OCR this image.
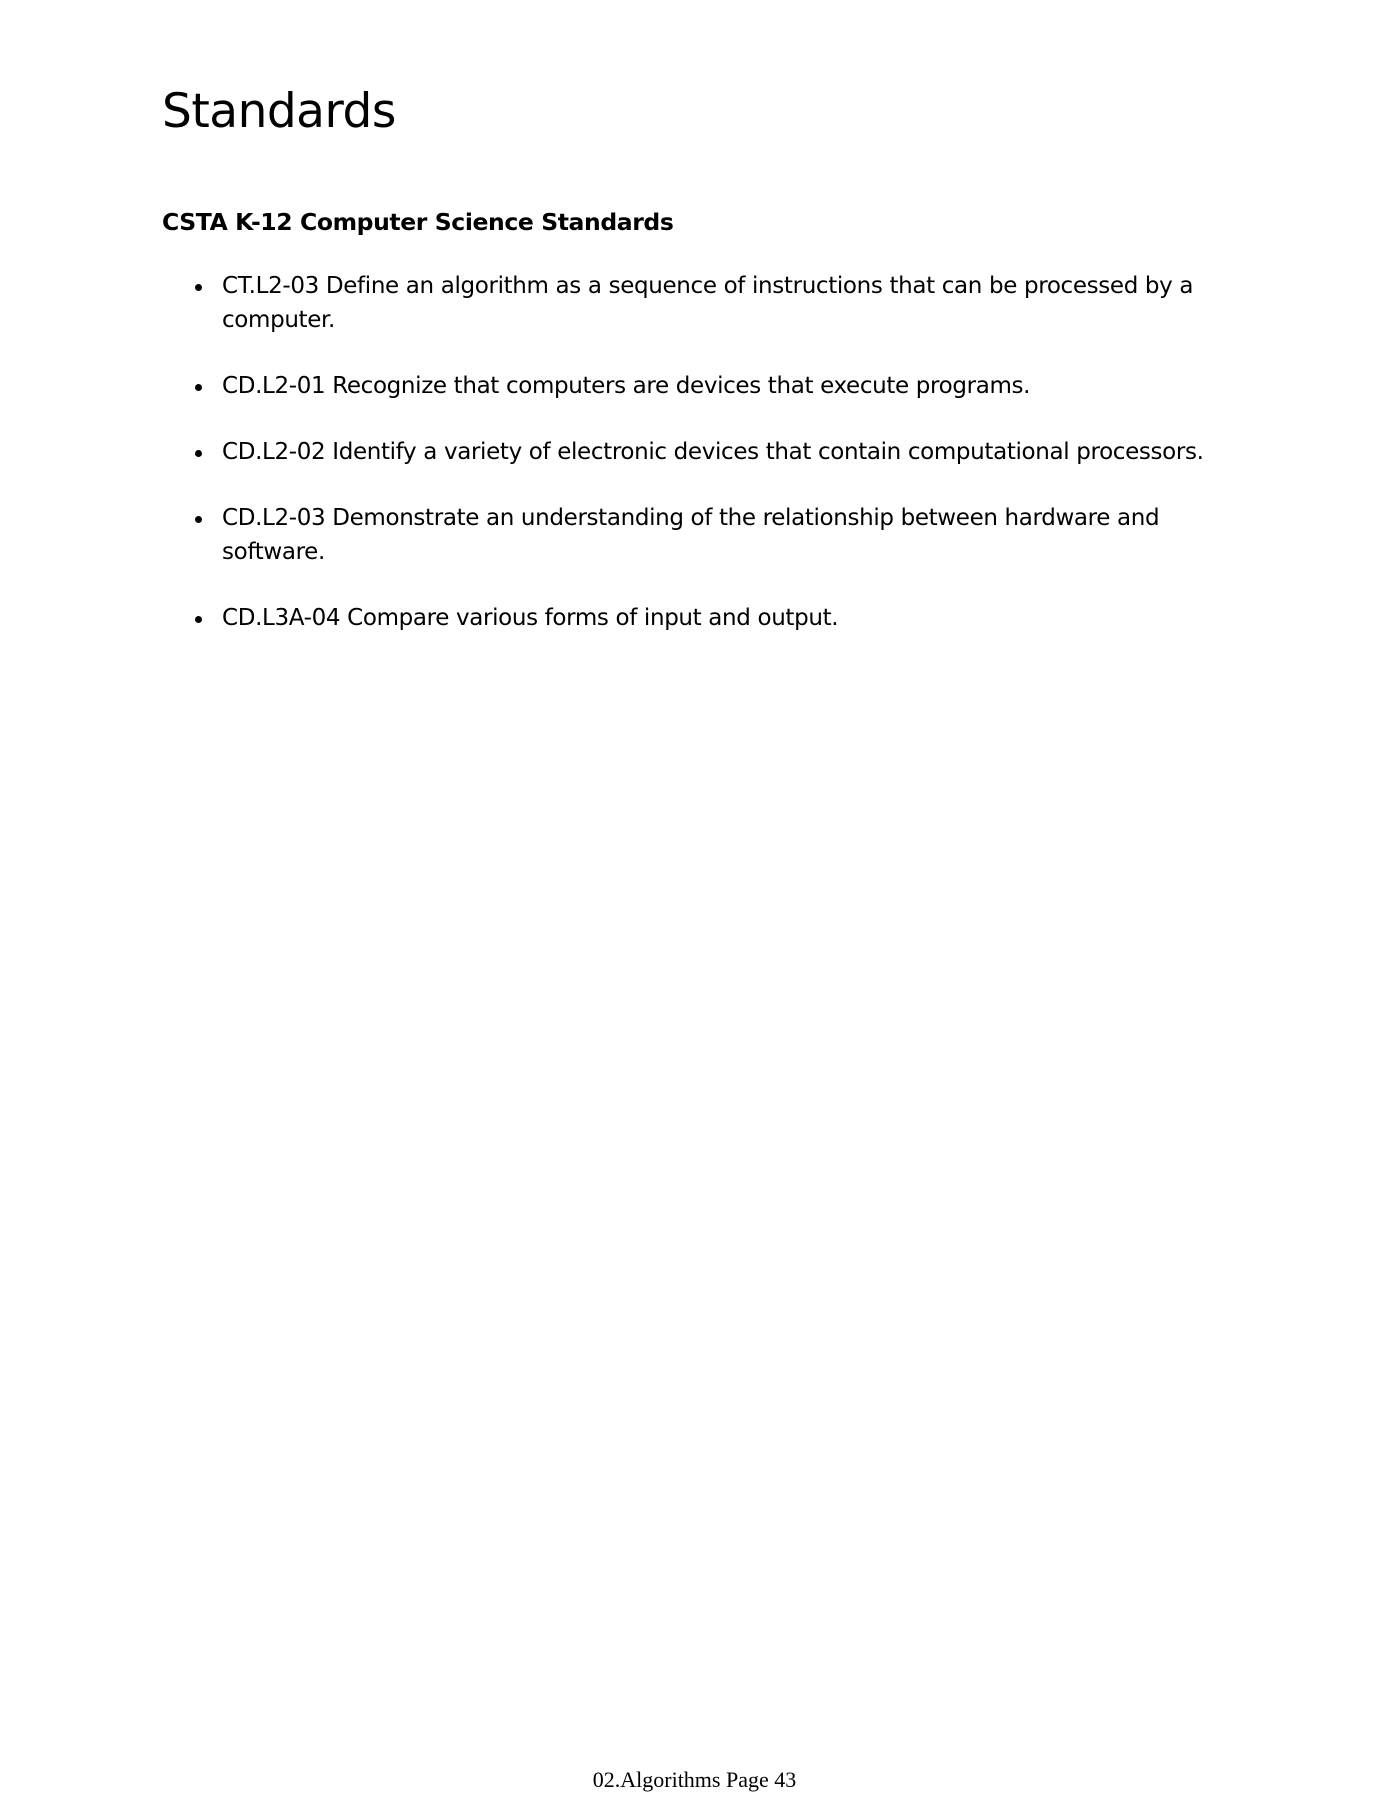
Standards
CSTA K-12 Computer Science Standards
CT.L2-03 Define an algorithm as a sequence of instructions that can be processed by a computer.
CD.L2-01 Recognize that computers are devices that execute programs.
CD.L2-02 Identify a variety of electronic devices that contain computational processors.
CD.L2-03 Demonstrate an understanding of the relationship between hardware and software.
CD.L3A-04 Compare various forms of input and output.
02.Algorithms Page 43
